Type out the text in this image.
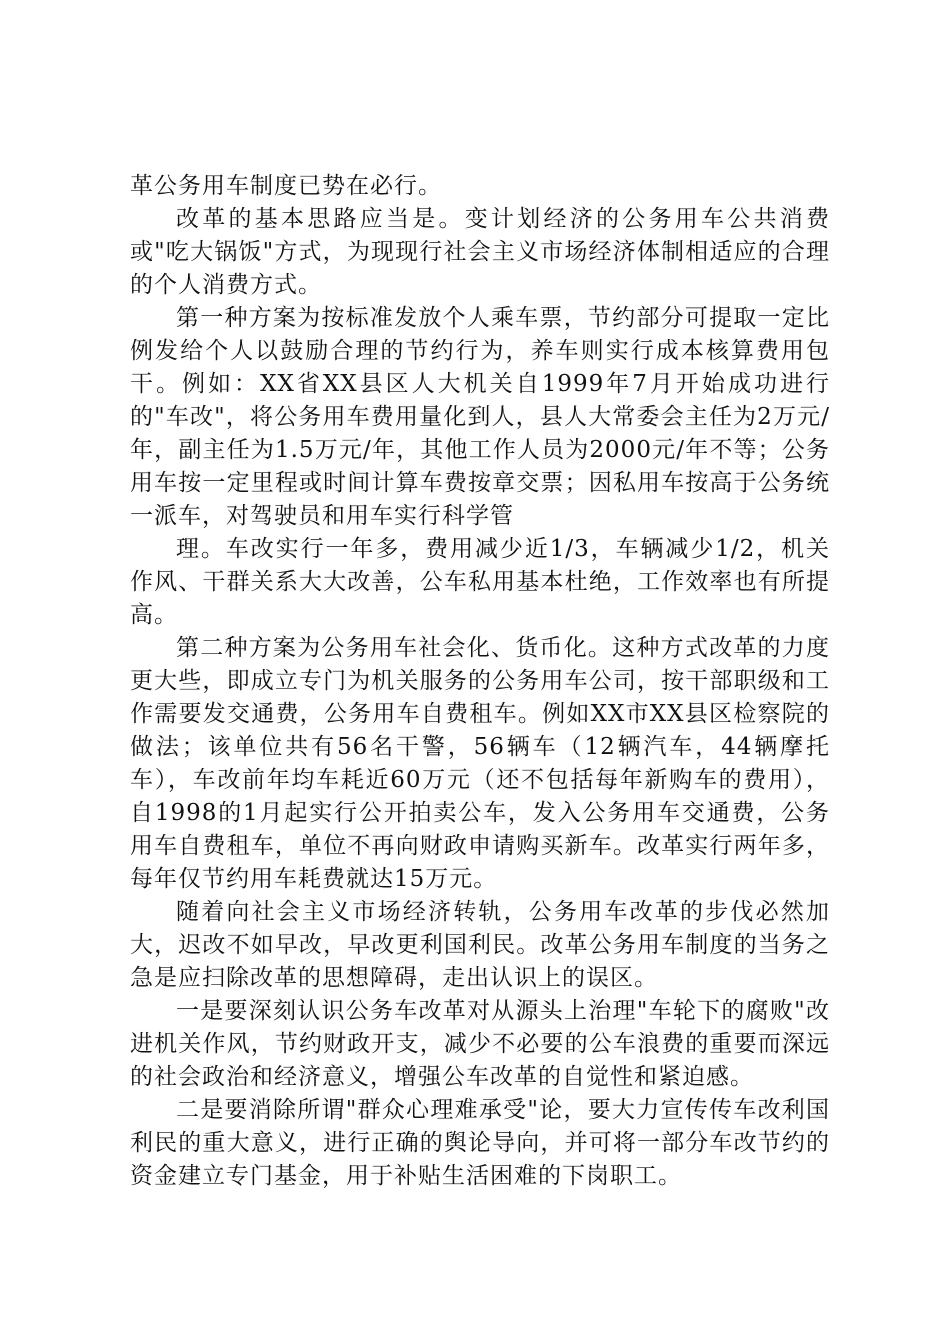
革公务用车制度已势在必行。

改革的基本思路应当是。变计划经济的公务用车公共消费或"吃大锅饭"方式，为现现行社会主义市场经济体制相适应的合理的个人消费方式。

第一种方案为按标准发放个人乘车票，节约部分可提取一定比例发给个人以鼓励合理的节约行为，养车则实行成本核算费用包干。例如：XX省XX县区人大机关自1999年7月开始成功进行的"车改"，将公务用车费用量化到人，县人大常委会主任为2万元/年，副主任为1.5万元/年，其他工作人员为2000元/年不等；公务用车按一定里程或时间计算车费按章交票；因私用车按高于公务统一派车，对驾驶员和用车实行科学管

理。车改实行一年多，费用减少近1/3，车辆减少1/2，机关作风、干群关系大大改善，公车私用基本杜绝，工作效率也有所提高。

第二种方案为公务用车社会化、货币化。这种方式改革的力度更大些，即成立专门为机关服务的公务用车公司，按干部职级和工作需要发交通费，公务用车自费租车。例如XX市XX县区检察院的做法；该单位共有56名干警，56辆车（12辆汽车，44辆摩托车），车改前年均车耗近60万元（还不包括每年新购车的费用），自1998的1月起实行公开拍卖公车，发入公务用车交通费，公务用车自费租车，单位不再向财政申请购买新车。改革实行两年多，每年仅节约用车耗费就达15万元。

随着向社会主义市场经济转轨，公务用车改革的步伐必然加大，迟改不如早改，早改更利国利民。改革公务用车制度的当务之急是应扫除改革的思想障碍，走出认识上的误区。

一是要深刻认识公务车改革对从源头上治理"车轮下的腐败"改进机关作风，节约财政开支，减少不必要的公车浪费的重要而深远的社会政治和经济意义，增强公车改革的自觉性和紧迫感。

二是要消除所谓"群众心理难承受"论，要大力宣传传车改利国利民的重大意义，进行正确的舆论导向，并可将一部分车改节约的资金建立专门基金，用于补贴生活困难的下岗职工。
